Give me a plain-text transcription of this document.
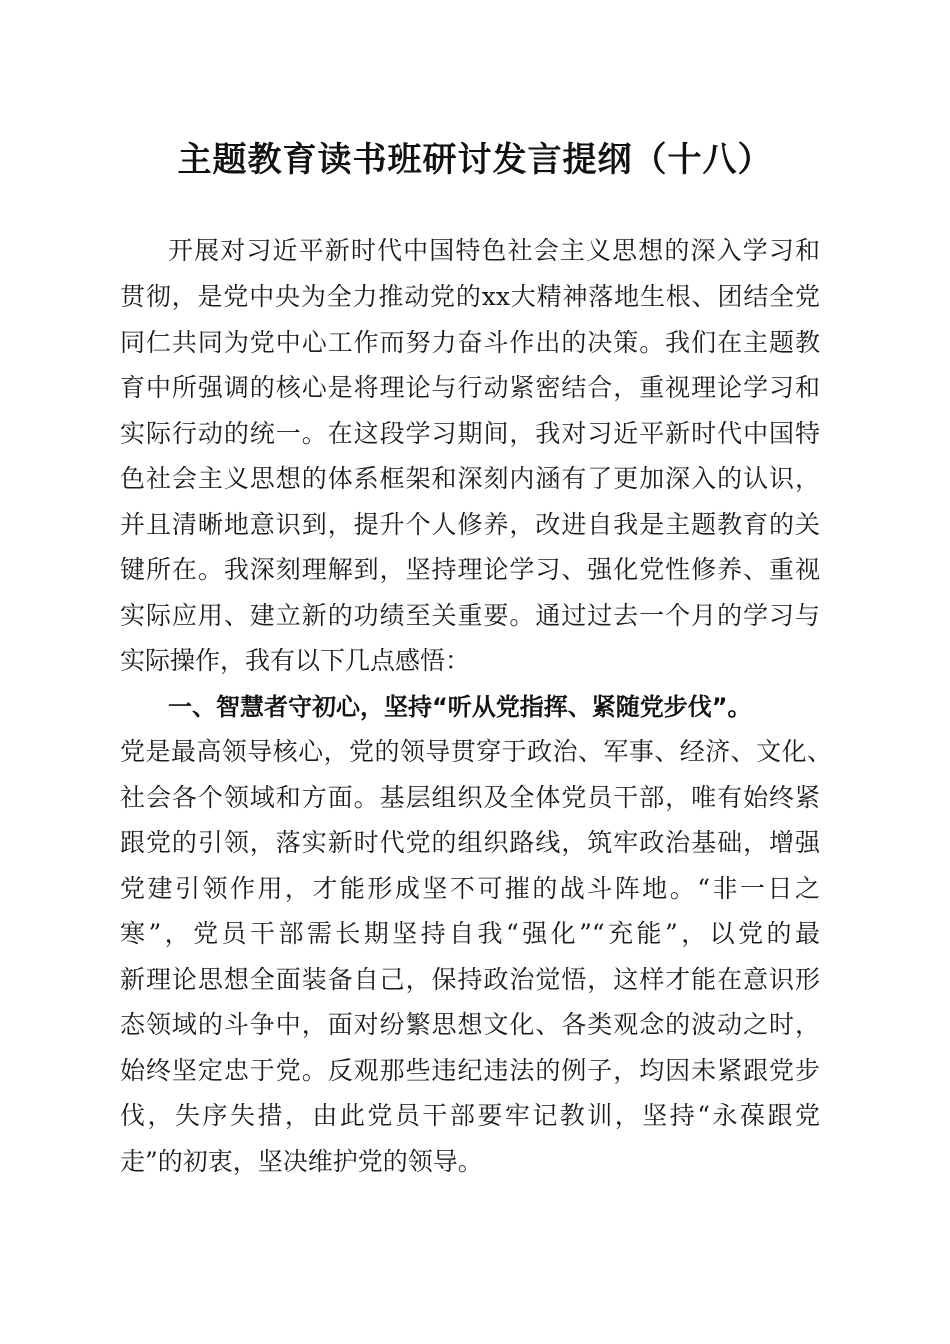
主题教育读书班研讨发言提纲（十八）
开展对习近平新时代中国特色社会主义思想的深入学习和
贯彻，是党中央为全力推动党的xx大精神落地生根、团结全党
同仁共同为党中心工作而努力奋斗作出的决策。我们在主题教
育中所强调的核心是将理论与行动紧密结合，重视理论学习和
实际行动的统一。在这段学习期间，我对习近平新时代中国特
色社会主义思想的体系框架和深刻内涵有了更加深入的认识，
并且清晰地意识到，提升个人修养，改进自我是主题教育的关
键所在。我深刻理解到，坚持理论学习、强化党性修养、重视
实际应用、建立新的功绩至关重要。通过过去一个月的学习与
实际操作，我有以下几点感悟：
一、智慧者守初心，坚持“听从党指挥、紧随党步伐”。
党是最高领导核心，党的领导贯穿于政治、军事、经济、文化、
社会各个领域和方面。基层组织及全体党员干部，唯有始终紧
跟党的引领，落实新时代党的组织路线，筑牢政治基础，增强
党建引领作用，才能形成坚不可摧的战斗阵地。“非一日之
寒”，党员干部需长期坚持自我“强化”“充能”，以党的最
新理论思想全面装备自己，保持政治觉悟，这样才能在意识形
态领域的斗争中，面对纷繁思想文化、各类观念的波动之时，
始终坚定忠于党。反观那些违纪违法的例子，均因未紧跟党步
伐，失序失措，由此党员干部要牢记教训，坚持“永葆跟党
走”的初衷，坚决维护党的领导。
